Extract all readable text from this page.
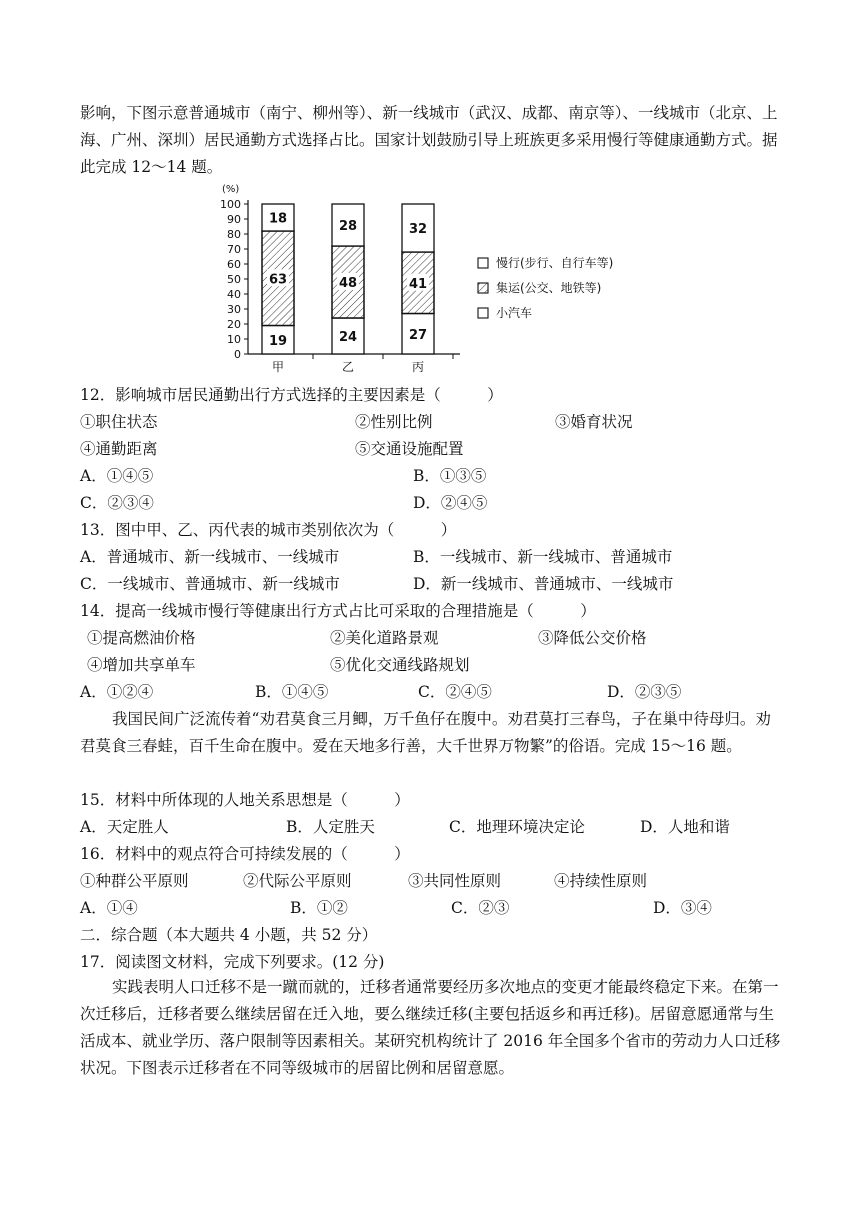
影响，下图示意普通城市（南宁、柳州等）、新一线城市（武汉、成都、南京等）、一线城市（北京、上海、广州、深圳）居民通勤方式选择占比。国家计划鼓励引导上班族更多采用慢行等健康通勤方式。据此完成 12～14 题。

(%)
0
10
20
30
40
50
60
70
80
90
100
19
63
18
甲
24
48
28
乙
27
41
32
丙
慢行(步行、自行车等)
集运(公交、地铁等)
小汽车
12．影响城市居民通勤出行方式选择的主要因素是（　　　）
①职住状态	②性别比例	③婚育状况
④通勤距离	⑤交通设施配置
A．①④⑤	B．①③⑤
C．②③④	D．②④⑤
13．图中甲、乙、丙代表的城市类别依次为（　　　）
A．普通城市、新一线城市、一线城市	B．一线城市、新一线城市、普通城市
C．一线城市、普通城市、新一线城市	D．新一线城市、普通城市、一线城市
14．提高一线城市慢行等健康出行方式占比可采取的合理措施是（　　　）
①提高燃油价格	②美化道路景观	③降低公交价格
④增加共享单车	⑤优化交通线路规划
A．①②④	B．①④⑤	C．②④⑤	D．②③⑤

我国民间广泛流传着“劝君莫食三月鲫，万千鱼仔在腹中。劝君莫打三春鸟，子在巢中待母归。劝君莫食三春蛙，百千生命在腹中。爱在天地多行善，大千世界万物繁”的俗语。完成 15～16 题。

15．材料中所体现的人地关系思想是（　　　）
A．天定胜人	B．人定胜天	C．地理环境决定论	D．人地和谐
16．材料中的观点符合可持续发展的（　　　）
①种群公平原则	②代际公平原则	③共同性原则	④持续性原则
A．①④	B．①②	C．②③	D．③④
二．综合题（本大题共 4 小题，共 52 分）
17．阅读图文材料，完成下列要求。(12 分)

实践表明人口迁移不是一蹴而就的，迁移者通常要经历多次地点的变更才能最终稳定下来。在第一次迁移后，迁移者要么继续居留在迁入地，要么继续迁移(主要包括返乡和再迁移)。居留意愿通常与生活成本、就业学历、落户限制等因素相关。某研究机构统计了 2016 年全国多个省市的劳动力人口迁移状况。下图表示迁移者在不同等级城市的居留比例和居留意愿。
